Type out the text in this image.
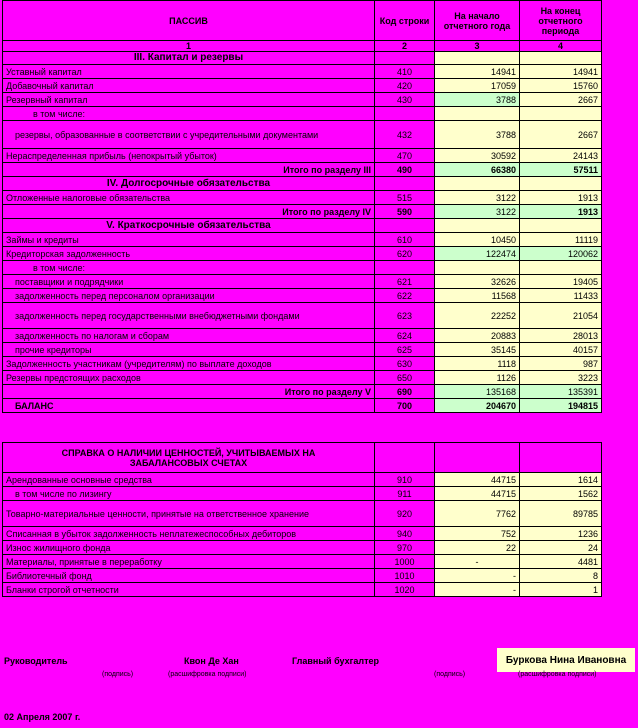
ПАССИВ	Код строки	На начало отчетного года	На конец отчетного периода
1	2	3	4
III. Капитал и резервы			
Уставный капитал	410	14941	14941
Добавочный капитал	420	17059	15760
Резервный капитал	430	3788	2667
в том числе:			
резервы, образованные в соответствии с учредительными документами	432	3788	2667
Нераспределенная прибыль (непокрытый убыток)	470	30592	24143
Итого по разделу III	490	66380	57511
IV. Долгосрочные обязательства			
Отложенные налоговые обязательства	515	3122	1913
Итого по разделу IV	590	3122	1913
V. Краткосрочные обязательства			
Займы и кредиты	610	10450	11119
Кредиторская задолженность	620	122474	120062
в том числе:			
поставщики и подрядчики	621	32626	19405
задолженность перед персоналом организации	622	11568	11433
задолженность перед государственными внебюджетными фондами	623	22252	21054
задолженность по налогам и сборам	624	20883	28013
прочие кредиторы	625	35145	40157
Задолженность участникам (учредителям) по выплате доходов	630	1118	987
Резервы предстоящих расходов	650	1126	3223
Итого по разделу V	690	135168	135391
БАЛАНС	700	204670	194815
СПРАВКА О НАЛИЧИИ ЦЕННОСТЕЙ, УЧИТЫВАЕМЫХ НА ЗАБАЛАНСОВЫХ СЧЕТАХ			
Арендованные основные средства	910	44715	1614
в том числе по лизингу	911	44715	1562
Товарно-материальные ценности, принятые на ответственное хранение	920	7762	89785
Списанная в убыток задолженность неплатежеспособных дебиторов	940	752	1236
Износ жилищного фонда	970	22	24
Материалы, принятые в переработку	1000	-	4481
Библиотечный фонд	1010	-	8
Бланки строгой отчетности	1020	-	1
Руководитель	Квон Де Хан
(подпись)	(расшифровка подписи)
Главный бухгалтер
(подпись)
Буркова Нина Ивановна
(расшифровка подписи)
02 Апреля 2007 г.
